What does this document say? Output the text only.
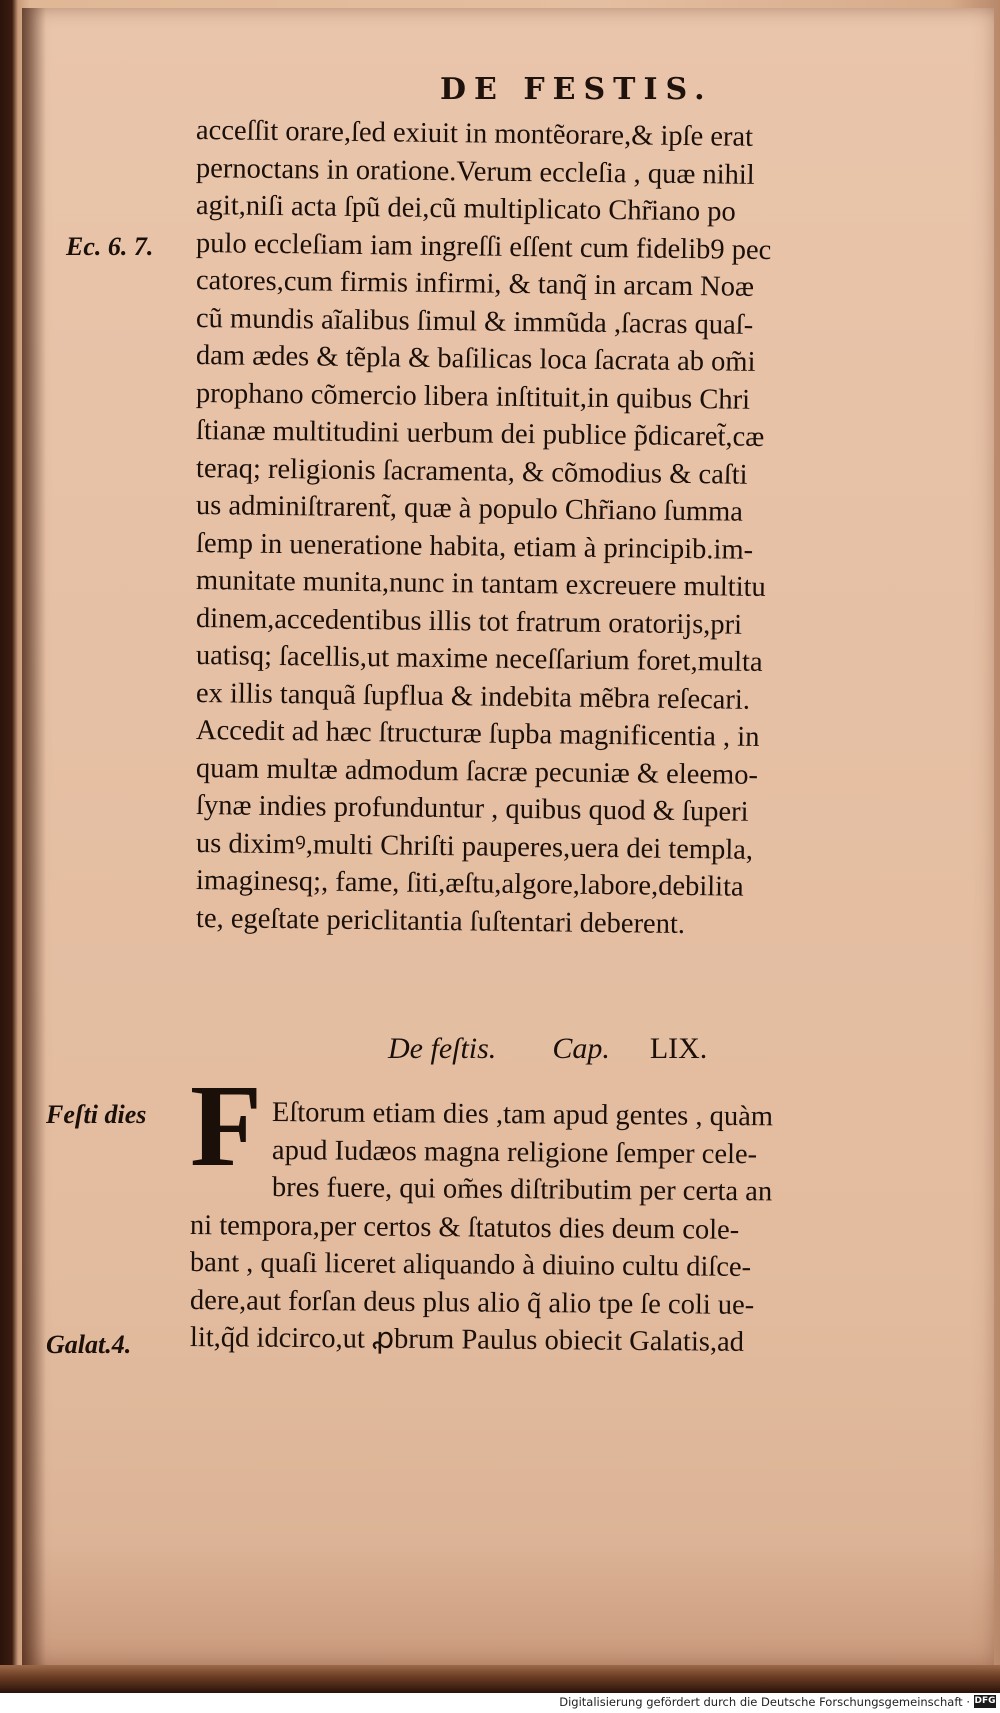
DE FESTIS.
acceſſit orare,ſed exiuit in montẽorare,& ipſe erat
pernoctans in oratione.Verum eccleſia , quæ nihil
agit,niſi acta ſpũ dei,cũ multiplicato Chr̃iano po
pulo eccleſiam iam ingreſſi eſſent cum fidelib9 pec
catores,cum firmis infirmi, & tanq̃ in arcam Noæ
cũ mundis aĩalibus ſimul & immũda ,ſacras quaſ-
dam ædes & tẽpla & baſilicas loca ſacrata ab om̃i
prophano cõmercio libera inſtituit,in quibus Chri
ſtianæ multitudini uerbum dei publice p̃dicaret̃,cæ
teraq; religionis ſacramenta, & cõmodius & caſti
us adminiſtrarent̃, quæ à populo Chr̃iano ſumma
ſemp in ueneratione habita, etiam à principib.im-
munitate munita,nunc in tantam excreuere multitu
dinem,accedentibus illis tot fratrum oratorijs,pri
uatisq; ſacellis,ut maxime neceſſarium foret,multa
ex illis tanquã ſupflua & indebita mẽbra reſecari.
Accedit ad hæc ſtructuræ ſupba magnificentia , in
quam multæ admodum ſacræ pecuniæ & eleemo-
ſynæ indies profunduntur , quibus quod & ſuperi
us diximꝰ,multi Chriſti pauperes,uera dei templa,
imaginesq;, fame, ſiti,æſtu,algore,labore,debilita
te, egeſtate periclitantia ſuſtentari deberent.
Ec. 6. 7.
De feſtis. Cap. LIX.
Feſti dies F Eſtorum etiam dies ,tam apud gentes , quàm
apud Iudæos magna religione ſemper cele-
bres fuere, qui om̃es diſtributim per certa an
ni tempora,per certos & ſtatutos dies deum cole-
bant , quaſi liceret aliquando à diuino cultu diſce-
dere,aut forſan deus plus alio q̃ alio tpe ſe coli ue-
lit,q̃d idcirco,ut ꝓbrum Paulus obiecit Galatis,ad
Galat.4.
Digitalisierung gefördert durch die Deutsche Forschungsgemeinschaft · DFG
